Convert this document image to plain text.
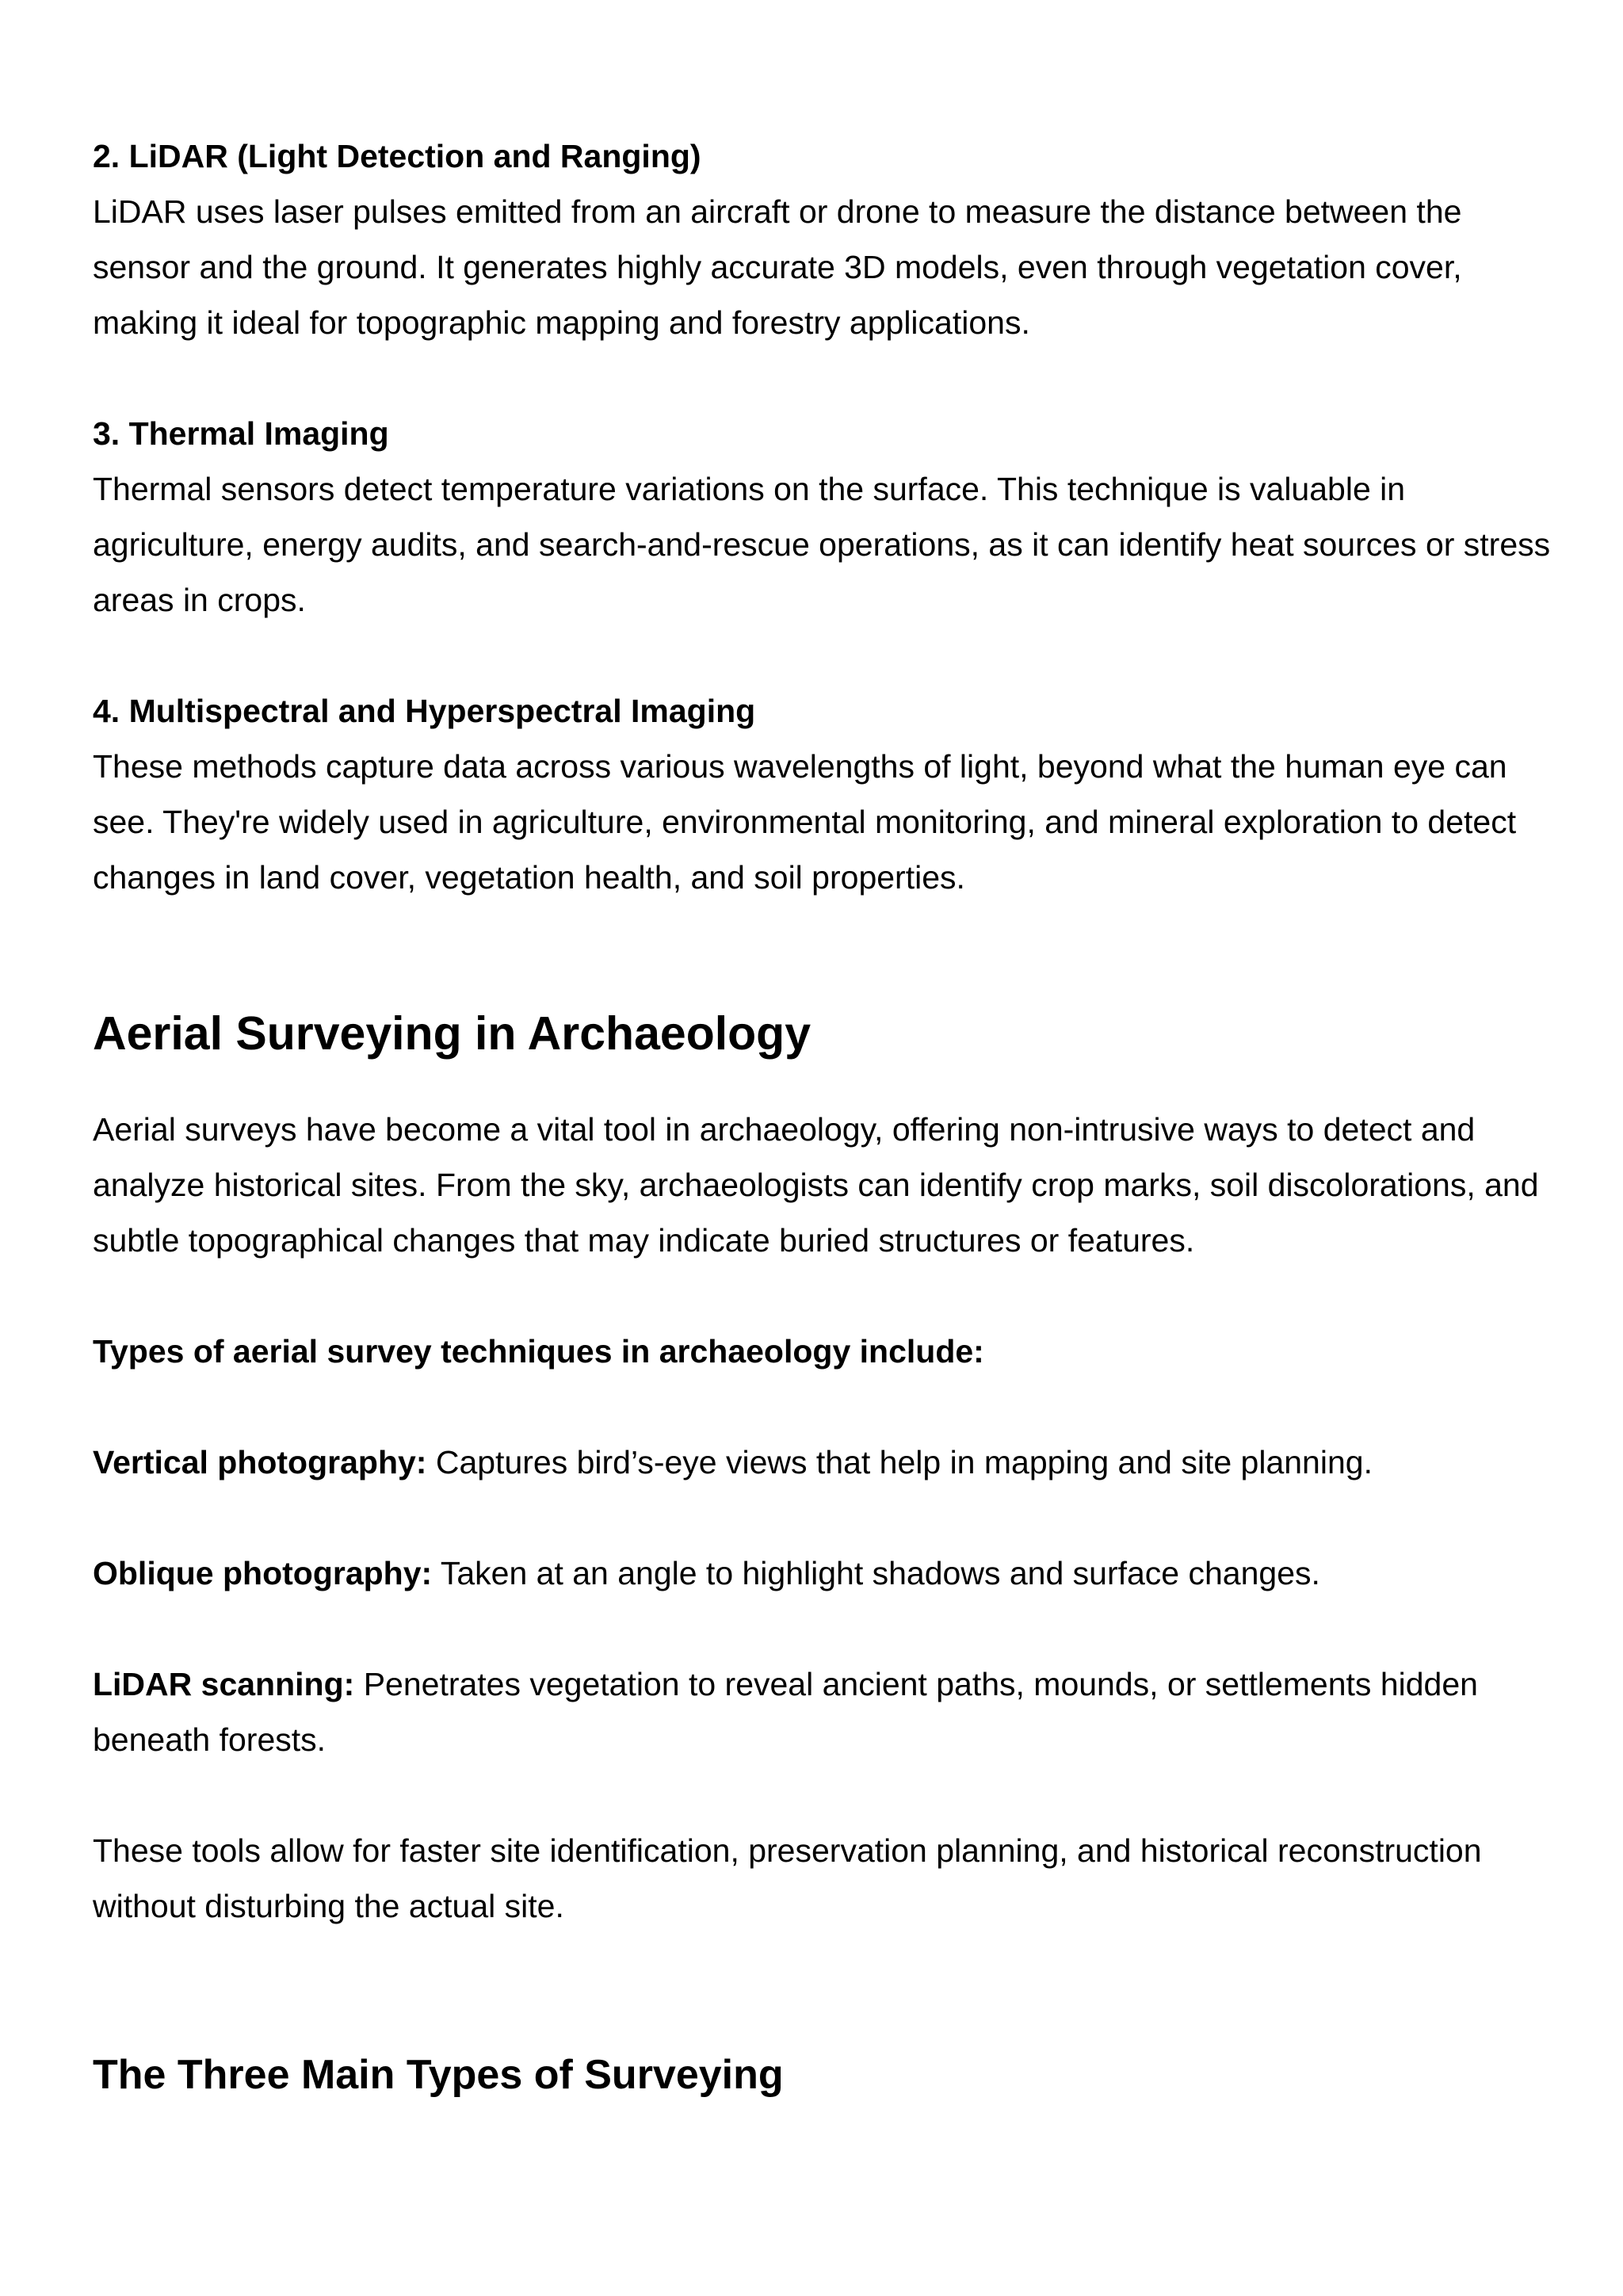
2. LiDAR (Light Detection and Ranging)

LiDAR uses laser pulses emitted from an aircraft or drone to measure the distance between the sensor and the ground. It generates highly accurate 3D models, even through vegetation cover, making it ideal for topographic mapping and forestry applications.

3. Thermal Imaging

Thermal sensors detect temperature variations on the surface. This technique is valuable in agriculture, energy audits, and search-and-rescue operations, as it can identify heat sources or stress areas in crops.

4. Multispectral and Hyperspectral Imaging

These methods capture data across various wavelengths of light, beyond what the human eye can see. They're widely used in agriculture, environmental monitoring, and mineral exploration to detect changes in land cover, vegetation health, and soil properties.

Aerial Surveying in Archaeology

Aerial surveys have become a vital tool in archaeology, offering non-intrusive ways to detect and analyze historical sites. From the sky, archaeologists can identify crop marks, soil discolorations, and subtle topographical changes that may indicate buried structures or features.

Types of aerial survey techniques in archaeology include:

Vertical photography: Captures bird’s-eye views that help in mapping and site planning.

Oblique photography: Taken at an angle to highlight shadows and surface changes.

LiDAR scanning: Penetrates vegetation to reveal ancient paths, mounds, or settlements hidden beneath forests.

These tools allow for faster site identification, preservation planning, and historical reconstruction without disturbing the actual site.

The Three Main Types of Surveying
